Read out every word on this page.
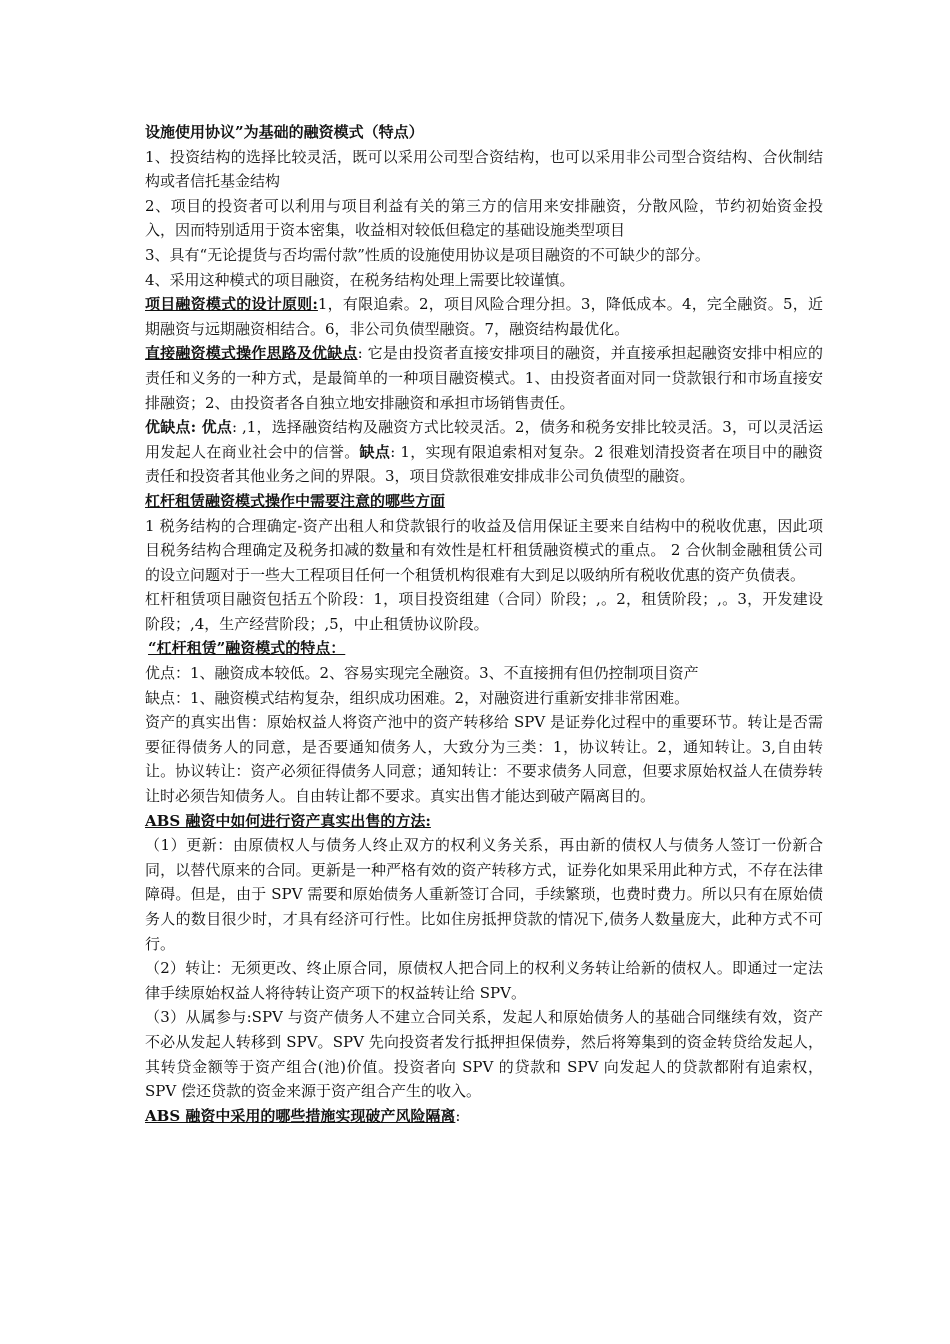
设施使用协议”为基础的融资模式（特点）

1、投资结构的选择比较灵活，既可以采用公司型合资结构，也可以采用非公司型合资结构、合伙制结构或者信托基金结构

2、项目的投资者可以利用与项目利益有关的第三方的信用来安排融资，分散风险，节约初始资金投入，因而特别适用于资本密集，收益相对较低但稳定的基础设施类型项目

3、具有“无论提货与否均需付款”性质的设施使用协议是项目融资的不可缺少的部分。

4、采用这种模式的项目融资，在税务结构处理上需要比较谨慎。

项目融资模式的设计原则:1，有限追索。2，项目风险合理分担。3，降低成本。4，完全融资。5，近期融资与远期融资相结合。6，非公司负债型融资。7，融资结构最优化。

直接融资模式操作思路及优缺点: 它是由投资者直接安排项目的融资，并直接承担起融资安排中相应的责任和义务的一种方式，是最简单的一种项目融资模式。1、由投资者面对同一贷款银行和市场直接安排融资；2、由投资者各自独立地安排融资和承担市场销售责任。

优缺点: 优点: ,1，选择融资结构及融资方式比较灵活。2，债务和税务安排比较灵活。3，可以灵活运用发起人在商业社会中的信誉。缺点: 1，实现有限追索相对复杂。2 很难划清投资者在项目中的融资责任和投资者其他业务之间的界限。3，项目贷款很难安排成非公司负债型的融资。

杠杆租赁融资模式操作中需要注意的哪些方面

1 税务结构的合理确定-资产出租人和贷款银行的收益及信用保证主要来自结构中的税收优惠，因此项目税务结构合理确定及税务扣减的数量和有效性是杠杆租赁融资模式的重点。 2 合伙制金融租赁公司的设立问题对于一些大工程项目任何一个租赁机构很难有大到足以吸纳所有税收优惠的资产负债表。

杠杆租赁项目融资包括五个阶段：1，项目投资组建（合同）阶段；,。2，租赁阶段；,。3，开发建设阶段；,4，生产经营阶段；,5，中止租赁协议阶段。

“杠杆租赁”融资模式的特点：

优点：1、融资成本较低。2、容易实现完全融资。3、不直接拥有但仍控制项目资产

缺点：1、融资模式结构复杂，组织成功困难。2，对融资进行重新安排非常困难。

资产的真实出售：原始权益人将资产池中的资产转移给 SPV 是证券化过程中的重要环节。转让是否需要征得债务人的同意，是否要通知债务人，大致分为三类：1，协议转让。2，通知转让。3,自由转让。协议转让：资产必须征得债务人同意；通知转让：不要求债务人同意，但要求原始权益人在债券转让时必须告知债务人。自由转让都不要求。真实出售才能达到破产隔离目的。

ABS 融资中如何进行资产真实出售的方法:

（1）更新：由原债权人与债务人终止双方的权利义务关系，再由新的债权人与债务人签订一份新合同，以替代原来的合同。更新是一种严格有效的资产转移方式，证券化如果采用此种方式，不存在法律障碍。但是，由于 SPV 需要和原始债务人重新签订合同，手续繁琐，也费时费力。所以只有在原始债务人的数目很少时，才具有经济可行性。比如住房抵押贷款的情况下,债务人数量庞大，此种方式不可行。

（2）转让：无须更改、终止原合同，原债权人把合同上的权利义务转让给新的债权人。即通过一定法律手续原始权益人将待转让资产项下的权益转让给 SPV。

（3）从属参与:SPV 与资产债务人不建立合同关系，发起人和原始债务人的基础合同继续有效，资产不必从发起人转移到 SPV。SPV 先向投资者发行抵押担保债券，然后将筹集到的资金转贷给发起人，其转贷金额等于资产组合(池)价值。投资者向 SPV 的贷款和 SPV 向发起人的贷款都附有追索权，SPV 偿还贷款的资金来源于资产组合产生的收入。

ABS 融资中采用的哪些措施实现破产风险隔离:
